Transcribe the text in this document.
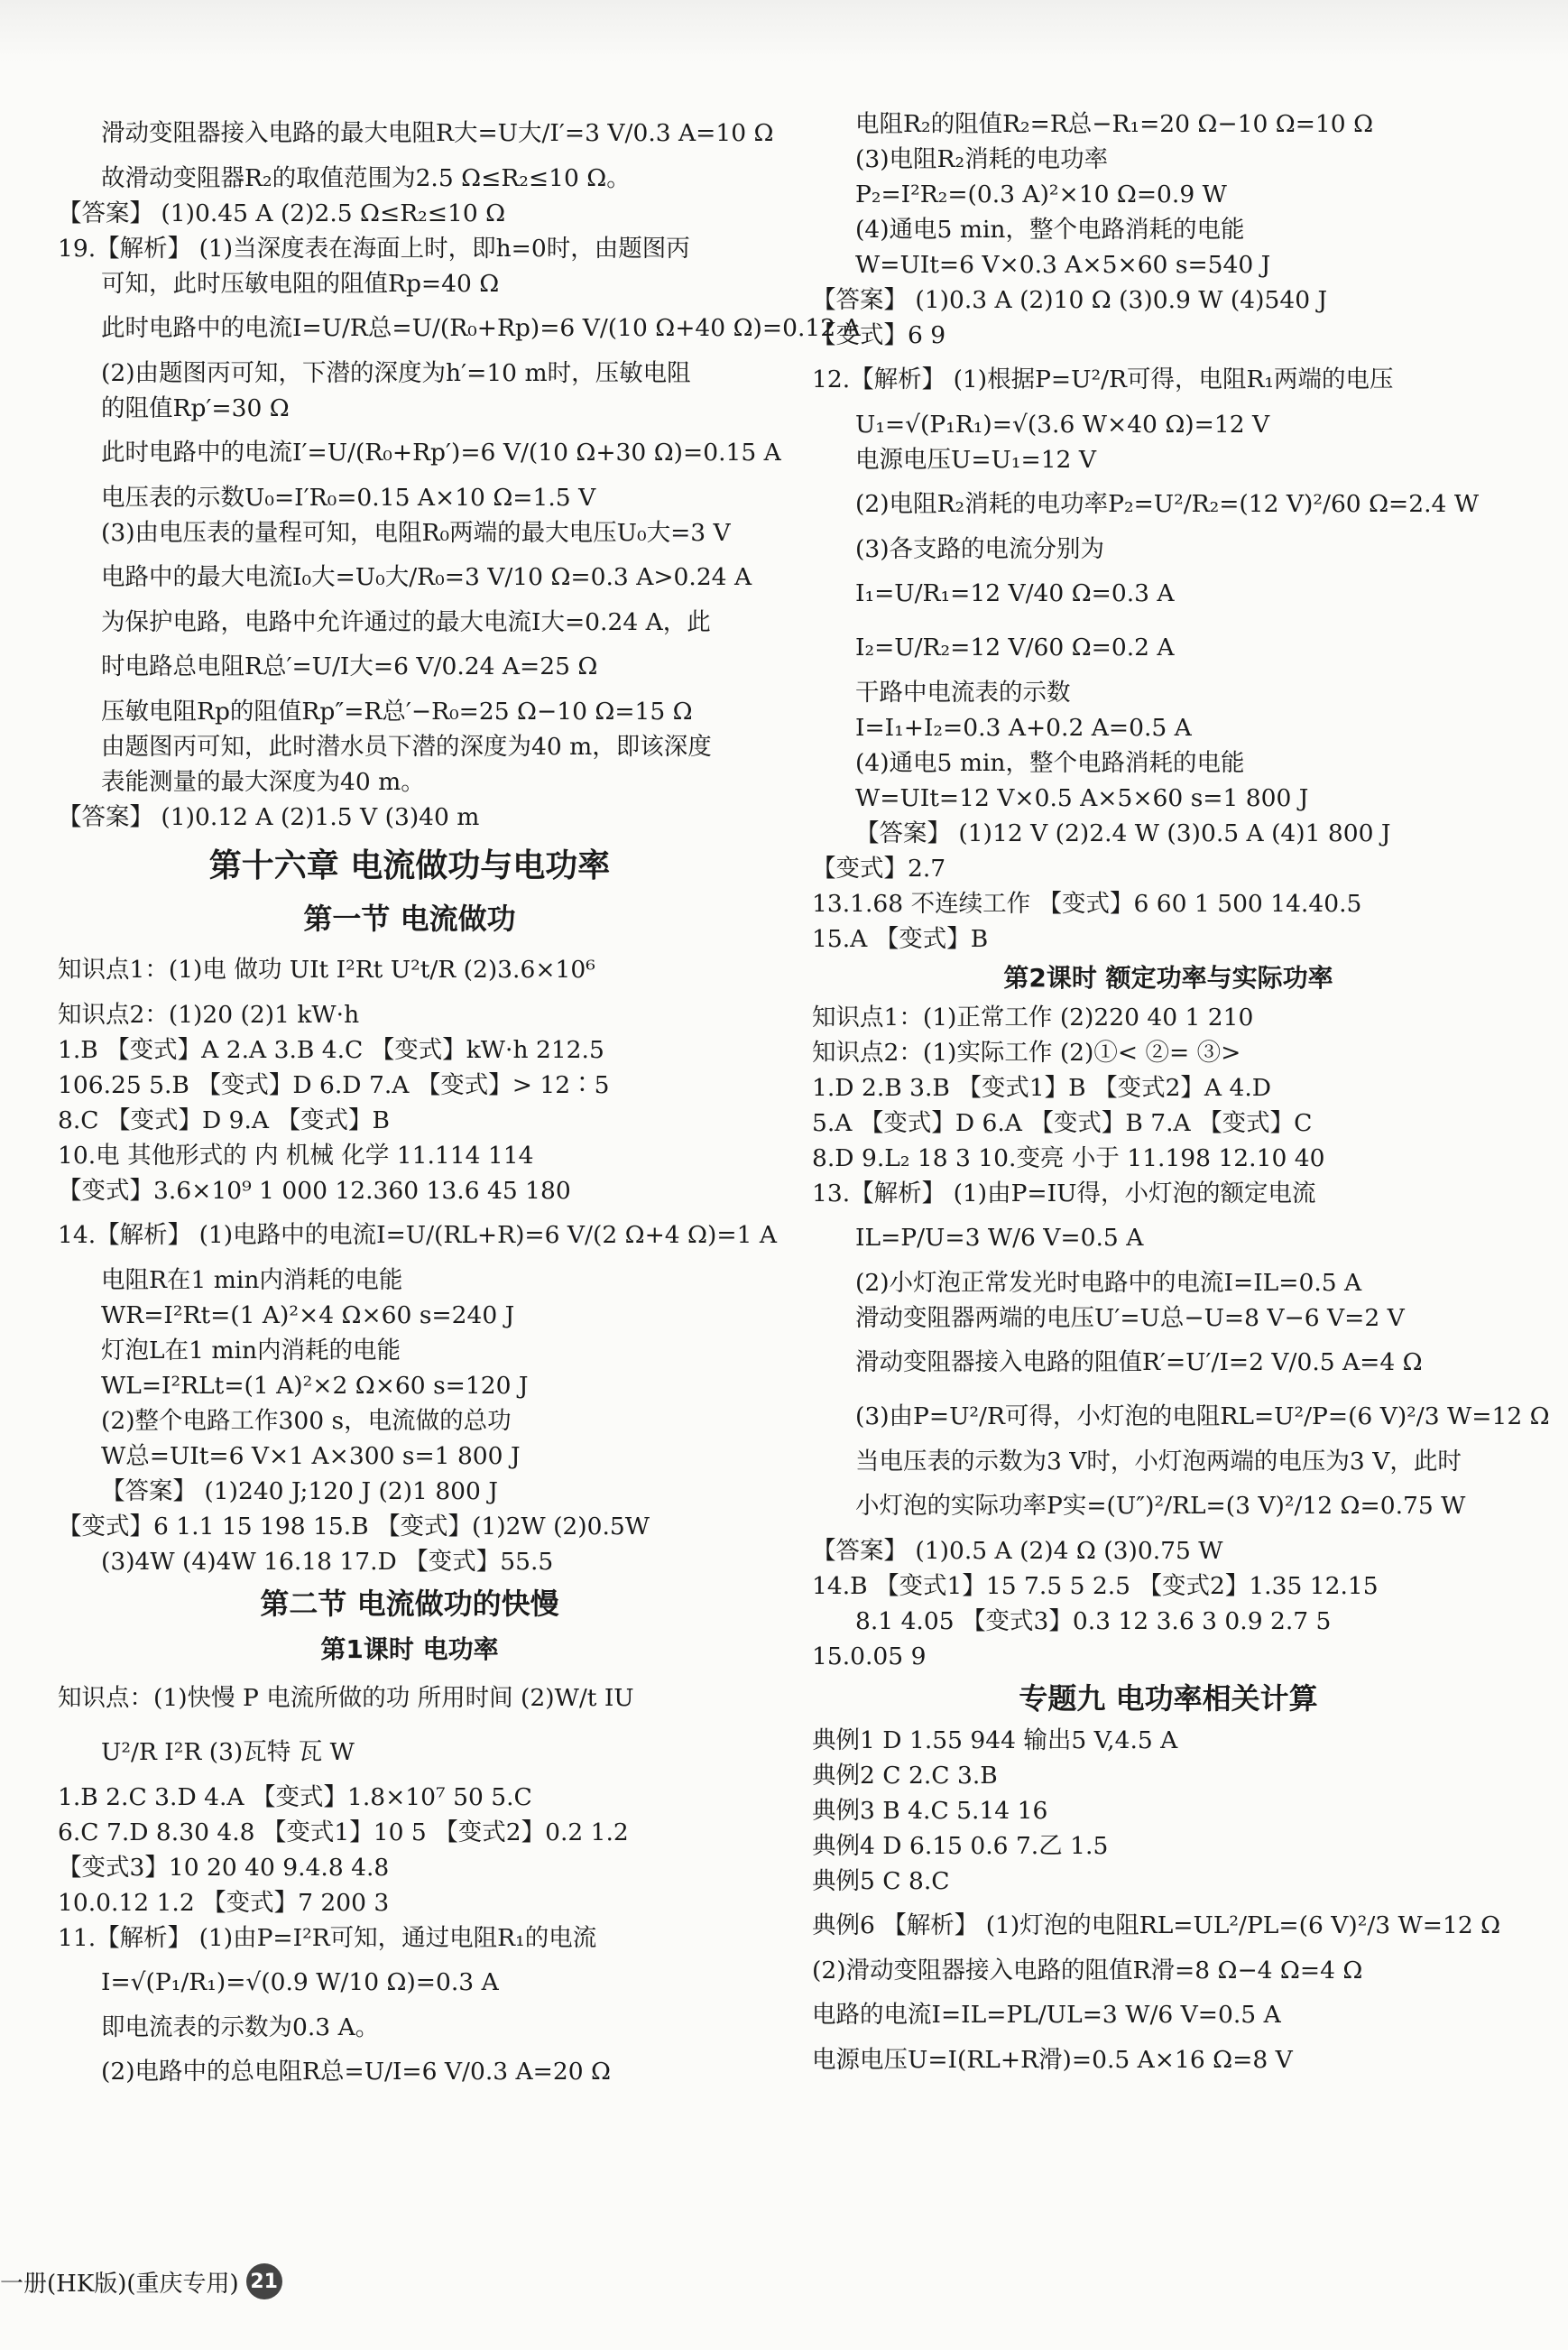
滑动变阻器接入电路的最大电阻R大=U大/I′=3 V/0.3 A=10 Ω
故滑动变阻器R₂的取值范围为2.5 Ω≤R₂≤10 Ω。
【答案】 (1)0.45 A (2)2.5 Ω≤R₂≤10 Ω
19.【解析】 (1)当深度表在海面上时，即h=0时，由题图丙
可知，此时压敏电阻的阻值Rp=40 Ω
此时电路中的电流I=U/R总=U/(R₀+Rp)=6 V/(10 Ω+40 Ω)=0.12 A
(2)由题图丙可知，下潜的深度为h′=10 m时，压敏电阻
的阻值Rp′=30 Ω
此时电路中的电流I′=U/(R₀+Rp′)=6 V/(10 Ω+30 Ω)=0.15 A
电压表的示数U₀=I′R₀=0.15 A×10 Ω=1.5 V
(3)由电压表的量程可知，电阻R₀两端的最大电压U₀大=3 V
电路中的最大电流I₀大=U₀大/R₀=3 V/10 Ω=0.3 A>0.24 A
为保护电路，电路中允许通过的最大电流I大=0.24 A，此
时电路总电阻R总′=U/I大=6 V/0.24 A=25 Ω
压敏电阻Rp的阻值Rp″=R总′−R₀=25 Ω−10 Ω=15 Ω
由题图丙可知，此时潜水员下潜的深度为40 m，即该深度
表能测量的最大深度为40 m。
【答案】 (1)0.12 A (2)1.5 V (3)40 m
第十六章 电流做功与电功率
第一节 电流做功
知识点1：(1)电 做功 UIt I²Rt U²t/R (2)3.6×10⁶
知识点2：(1)20 (2)1 kW·h
1.B 【变式】A 2.A 3.B 4.C 【变式】kW·h 212.5
106.25 5.B 【变式】D 6.D 7.A 【变式】> 12∶5
8.C 【变式】D 9.A 【变式】B
10.电 其他形式的 内 机械 化学 11.114 114
【变式】3.6×10⁹ 1 000 12.360 13.6 45 180
14.【解析】 (1)电路中的电流I=U/(RL+R)=6 V/(2 Ω+4 Ω)=1 A
电阻R在1 min内消耗的电能
WR=I²Rt=(1 A)²×4 Ω×60 s=240 J
灯泡L在1 min内消耗的电能
WL=I²RLt=(1 A)²×2 Ω×60 s=120 J
(2)整个电路工作300 s，电流做的总功
W总=UIt=6 V×1 A×300 s=1 800 J
【答案】 (1)240 J;120 J (2)1 800 J
【变式】6 1.1 15 198 15.B 【变式】(1)2W (2)0.5W
(3)4W (4)4W 16.18 17.D 【变式】55.5
第二节 电流做功的快慢
第1课时 电功率
知识点：(1)快慢 P 电流所做的功 所用时间 (2)W/t IU
U²/R I²R (3)瓦特 瓦 W
1.B 2.C 3.D 4.A 【变式】1.8×10⁷ 50 5.C
6.C 7.D 8.30 4.8 【变式1】10 5 【变式2】0.2 1.2
【变式3】10 20 40 9.4.8 4.8
10.0.12 1.2 【变式】7 200 3
11.【解析】 (1)由P=I²R可知，通过电阻R₁的电流
I=√(P₁/R₁)=√(0.9 W/10 Ω)=0.3 A
即电流表的示数为0.3 A。
(2)电路中的总电阻R总=U/I=6 V/0.3 A=20 Ω
电阻R₂的阻值R₂=R总−R₁=20 Ω−10 Ω=10 Ω
(3)电阻R₂消耗的电功率
P₂=I²R₂=(0.3 A)²×10 Ω=0.9 W
(4)通电5 min，整个电路消耗的电能
W=UIt=6 V×0.3 A×5×60 s=540 J
【答案】 (1)0.3 A (2)10 Ω (3)0.9 W (4)540 J
【变式】6 9
12.【解析】 (1)根据P=U²/R可得，电阻R₁两端的电压
U₁=√(P₁R₁)=√(3.6 W×40 Ω)=12 V
电源电压U=U₁=12 V
(2)电阻R₂消耗的电功率P₂=U²/R₂=(12 V)²/60 Ω=2.4 W
(3)各支路的电流分别为
I₁=U/R₁=12 V/40 Ω=0.3 A
I₂=U/R₂=12 V/60 Ω=0.2 A
干路中电流表的示数
I=I₁+I₂=0.3 A+0.2 A=0.5 A
(4)通电5 min，整个电路消耗的电能
W=UIt=12 V×0.5 A×5×60 s=1 800 J
【答案】 (1)12 V (2)2.4 W (3)0.5 A (4)1 800 J
【变式】2.7
13.1.68 不连续工作 【变式】6 60 1 500 14.40.5
15.A 【变式】B
第2课时 额定功率与实际功率
知识点1：(1)正常工作 (2)220 40 1 210
知识点2：(1)实际工作 (2)①< ②= ③>
1.D 2.B 3.B 【变式1】B 【变式2】A 4.D
5.A 【变式】D 6.A 【变式】B 7.A 【变式】C
8.D 9.L₂ 18 3 10.变亮 小于 11.198 12.10 40
13.【解析】 (1)由P=IU得，小灯泡的额定电流
IL=P/U=3 W/6 V=0.5 A
(2)小灯泡正常发光时电路中的电流I=IL=0.5 A
滑动变阻器两端的电压U′=U总−U=8 V−6 V=2 V
滑动变阻器接入电路的阻值R′=U′/I=2 V/0.5 A=4 Ω
(3)由P=U²/R可得，小灯泡的电阻RL=U²/P=(6 V)²/3 W=12 Ω
当电压表的示数为3 V时，小灯泡两端的电压为3 V，此时
小灯泡的实际功率P实=(U″)²/RL=(3 V)²/12 Ω=0.75 W
【答案】 (1)0.5 A (2)4 Ω (3)0.75 W
14.B 【变式1】15 7.5 5 2.5 【变式2】1.35 12.15
8.1 4.05 【变式3】0.3 12 3.6 3 0.9 2.7 5
15.0.05 9
专题九 电功率相关计算
典例1 D 1.55 944 输出5 V,4.5 A
典例2 C 2.C 3.B
典例3 B 4.C 5.14 16
典例4 D 6.15 0.6 7.乙 1.5
典例5 C 8.C
典例6 【解析】 (1)灯泡的电阻RL=UL²/PL=(6 V)²/3 W=12 Ω
(2)滑动变阻器接入电路的阻值R滑=8 Ω−4 Ω=4 Ω
电路的电流I=IL=PL/UL=3 W/6 V=0.5 A
电源电压U=I(RL+R滑)=0.5 A×16 Ω=8 V
一册(HK版)(重庆专用) 21
